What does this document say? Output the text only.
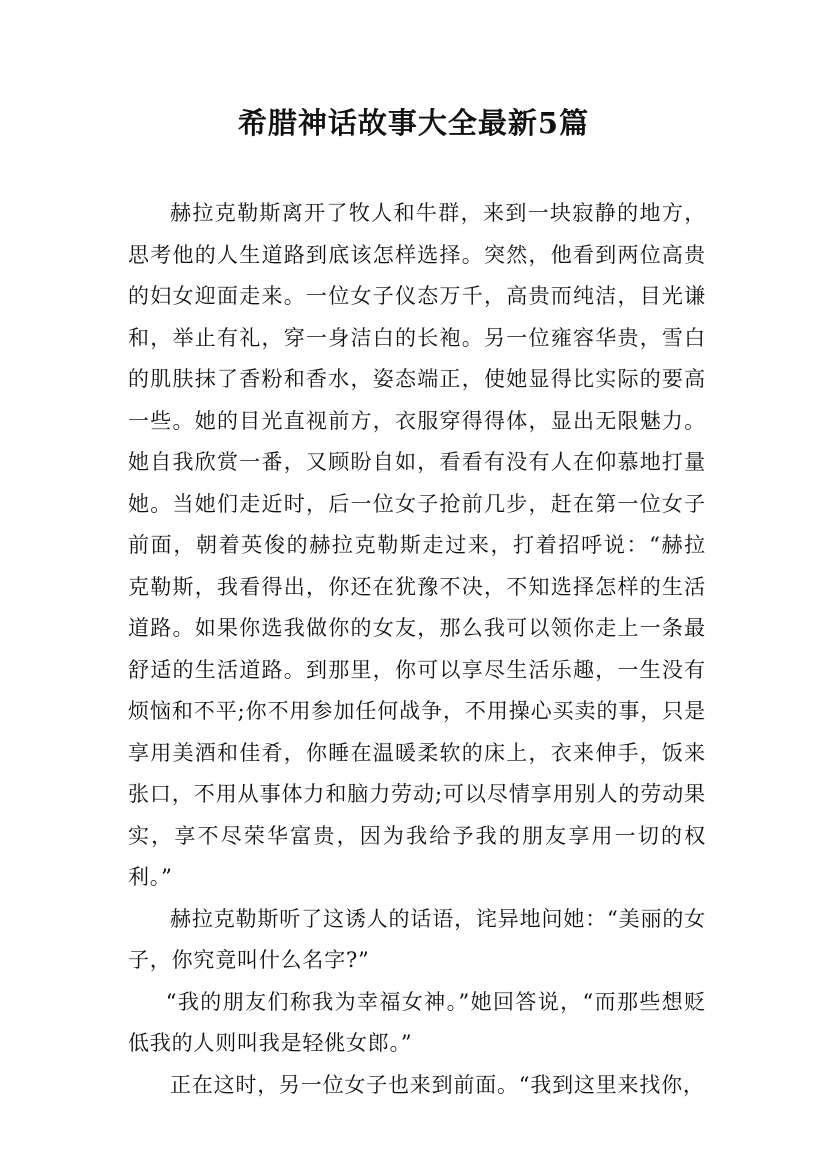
希腊神话故事大全最新5篇

赫拉克勒斯离开了牧人和牛群，来到一块寂静的地方，思考他的人生道路到底该怎样选择。突然，他看到两位高贵的妇女迎面走来。一位女子仪态万千，高贵而纯洁，目光谦和，举止有礼，穿一身洁白的长袍。另一位雍容华贵，雪白的肌肤抹了香粉和香水，姿态端正，使她显得比实际的要高一些。她的目光直视前方，衣服穿得得体，显出无限魅力。她自我欣赏一番，又顾盼自如，看看有没有人在仰慕地打量她。当她们走近时，后一位女子抢前几步，赶在第一位女子前面，朝着英俊的赫拉克勒斯走过来，打着招呼说：“赫拉克勒斯，我看得出，你还在犹豫不决，不知选择怎样的生活道路。如果你选我做你的女友，那么我可以领你走上一条最舒适的生活道路。到那里，你可以享尽生活乐趣，一生没有烦恼和不平;你不用参加任何战争，不用操心买卖的事，只是享用美酒和佳肴，你睡在温暖柔软的床上，衣来伸手，饭来张口，不用从事体力和脑力劳动;可以尽情享用别人的劳动果实，享不尽荣华富贵，因为我给予我的朋友享用一切的权利。”

赫拉克勒斯听了这诱人的话语，诧异地问她：“美丽的女子，你究竟叫什么名字?”

“我的朋友们称我为幸福女神。”她回答说，“而那些想贬低我的人则叫我是轻佻女郎。”

正在这时，另一位女子也来到前面。“我到这里来找你，
